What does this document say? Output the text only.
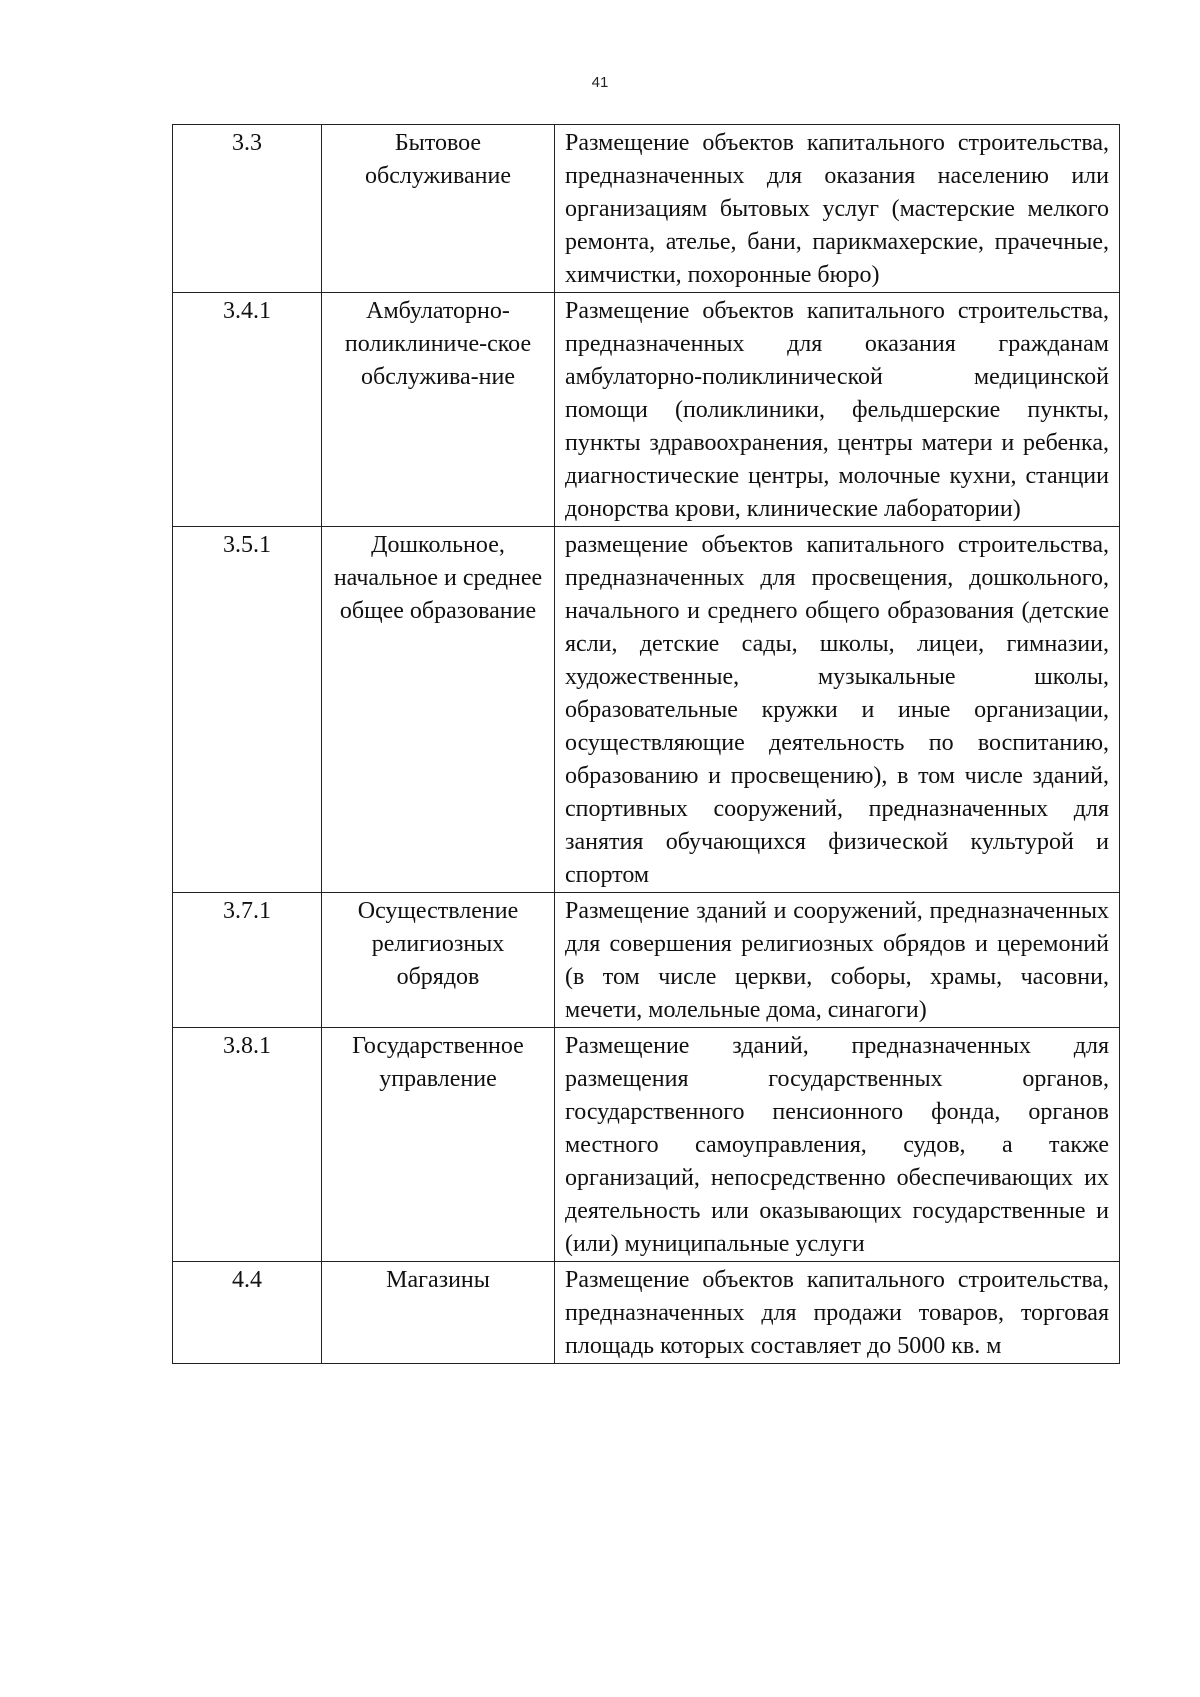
41
3.3	Бытовое обслуживание	Размещение объектов капитального строительства, предназначенных для оказания населению или организациям бытовых услуг (мастерские мелкого ремонта, ателье, бани, парикмахерские, прачечные, химчистки, похоронные бюро)
3.4.1	Амбулаторно-поликлиниче-ское обслужива-ние	Размещение объектов капитального строительства, предназначенных для оказания гражданам амбулаторно-поликлинической медицинской помощи (поликлиники, фельдшерские пункты, пункты здравоохранения, центры матери и ребенка, диагностические центры, молочные кухни, станции донорства крови, клинические лаборатории)
3.5.1	Дошкольное, начальное и среднее общее образование	размещение объектов капитального строительства, предназначенных для просвещения, дошкольного, начального и среднего общего образования (детские ясли, детские сады, школы, лицеи, гимназии, художественные, музыкальные школы, образовательные кружки и иные организации, осуществляющие деятельность по воспитанию, образованию и просвещению), в том числе зданий, спортивных сооружений, предназначенных для занятия обучающихся физической культурой и спортом
3.7.1	Осуществление религиозных обрядов	Размещение зданий и сооружений, предназначенных для совершения религиозных обрядов и церемоний (в том числе церкви, соборы, храмы, часовни, мечети, молельные дома, синагоги)
3.8.1	Государственное управление	Размещение зданий, предназначенных для размещения государственных органов, государственного пенсионного фонда, органов местного самоуправления, судов, а также организаций, непосредственно обеспечивающих их деятельность или оказывающих государственные и (или) муниципальные услуги
4.4	Магазины	Размещение объектов капитального строительства, предназначенных для продажи товаров, торговая площадь которых составляет до 5000 кв. м
